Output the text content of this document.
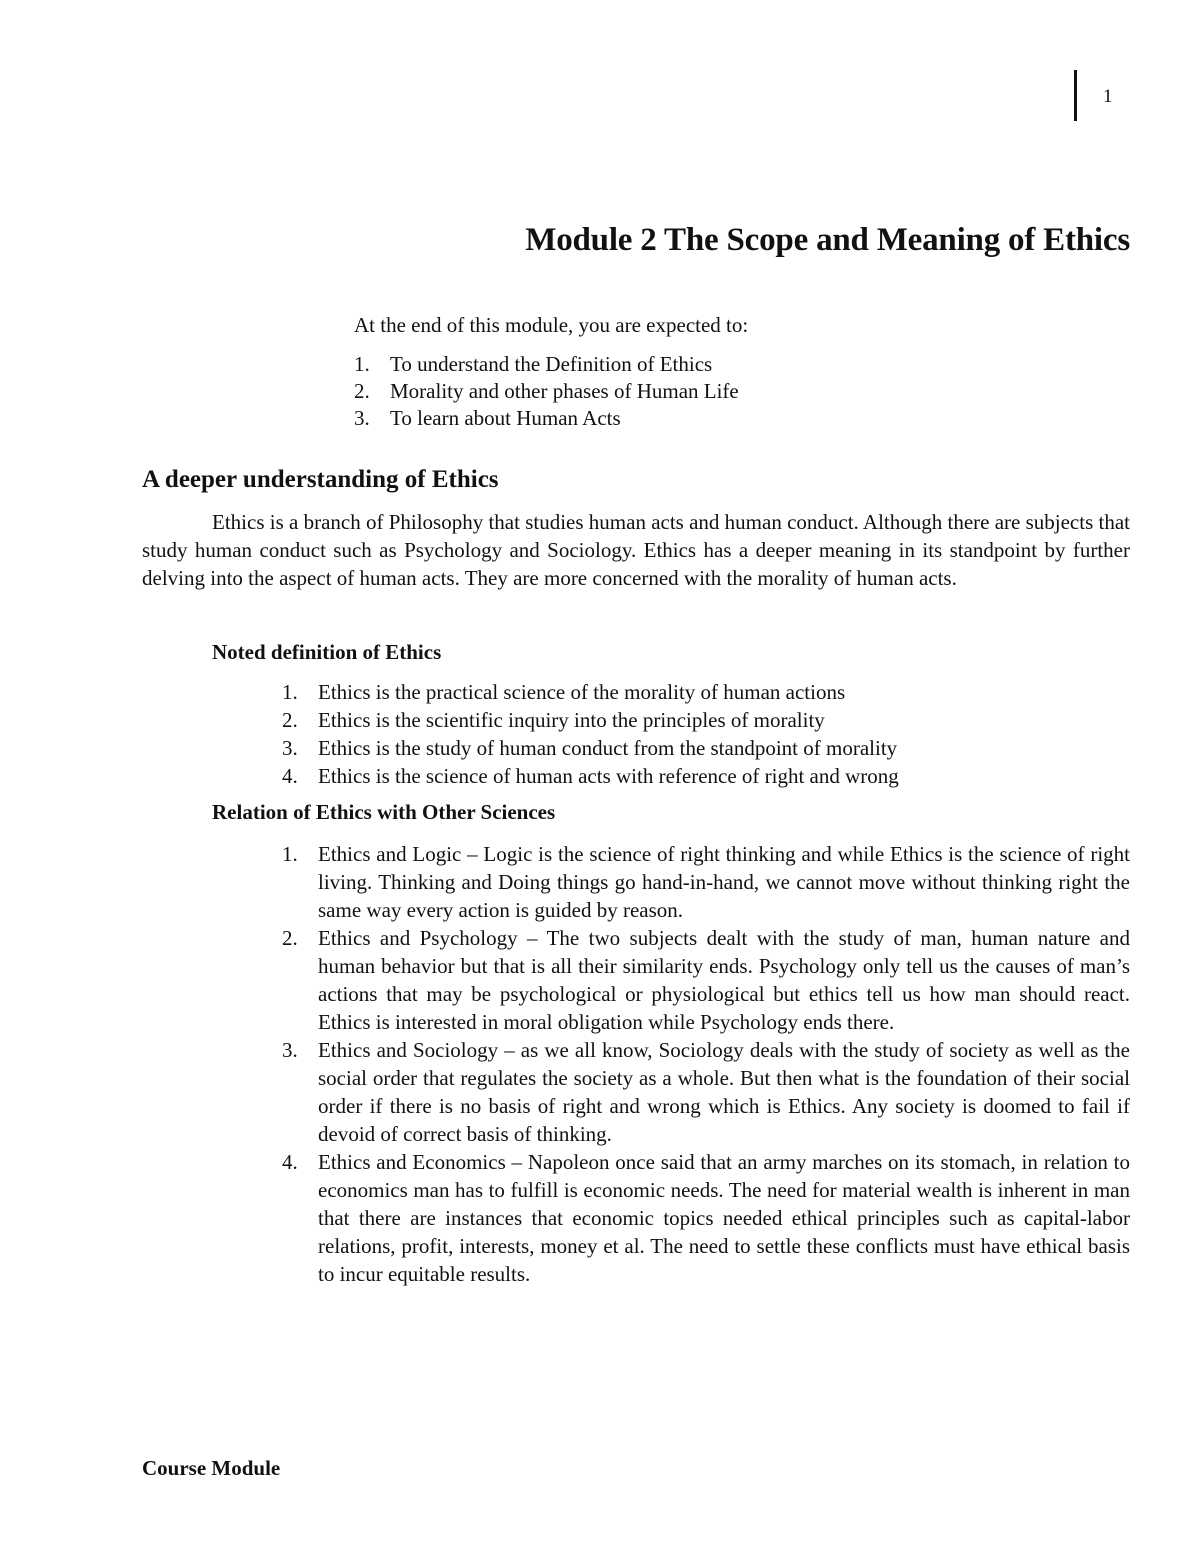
1
Module 2 The Scope and Meaning of Ethics

At the end of this module, you are expected to:

1. To understand the Definition of Ethics
2. Morality and other phases of Human Life
3. To learn about Human Acts
A deeper understanding of Ethics

Ethics is a branch of Philosophy that studies human acts and human conduct. Although there are subjects that study human conduct such as Psychology and Sociology. Ethics has a deeper meaning in its standpoint by further delving into the aspect of human acts. They are more concerned with the morality of human acts.

Noted definition of Ethics
1. Ethics is the practical science of the morality of human actions
2. Ethics is the scientific inquiry into the principles of morality
3. Ethics is the study of human conduct from the standpoint of morality
4. Ethics is the science of human acts with reference of right and wrong
Relation of Ethics with Other Sciences
1. Ethics and Logic – Logic is the science of right thinking and while Ethics is the science of right living. Thinking and Doing things go hand-in-hand, we cannot move without thinking right the same way every action is guided by reason.
2. Ethics and Psychology – The two subjects dealt with the study of man, human nature and human behavior but that is all their similarity ends. Psychology only tell us the causes of man’s actions that may be psychological or physiological but ethics tell us how man should react. Ethics is interested in moral obligation while Psychology ends there.
3. Ethics and Sociology – as we all know, Sociology deals with the study of society as well as the social order that regulates the society as a whole. But then what is the foundation of their social order if there is no basis of right and wrong which is Ethics. Any society is doomed to fail if devoid of correct basis of thinking.
4. Ethics and Economics – Napoleon once said that an army marches on its stomach, in relation to economics man has to fulfill is economic needs. The need for material wealth is inherent in man that there are instances that economic topics needed ethical principles such as capital-labor relations, profit, interests, money et al. The need to settle these conflicts must have ethical basis to incur equitable results.

Course Module
